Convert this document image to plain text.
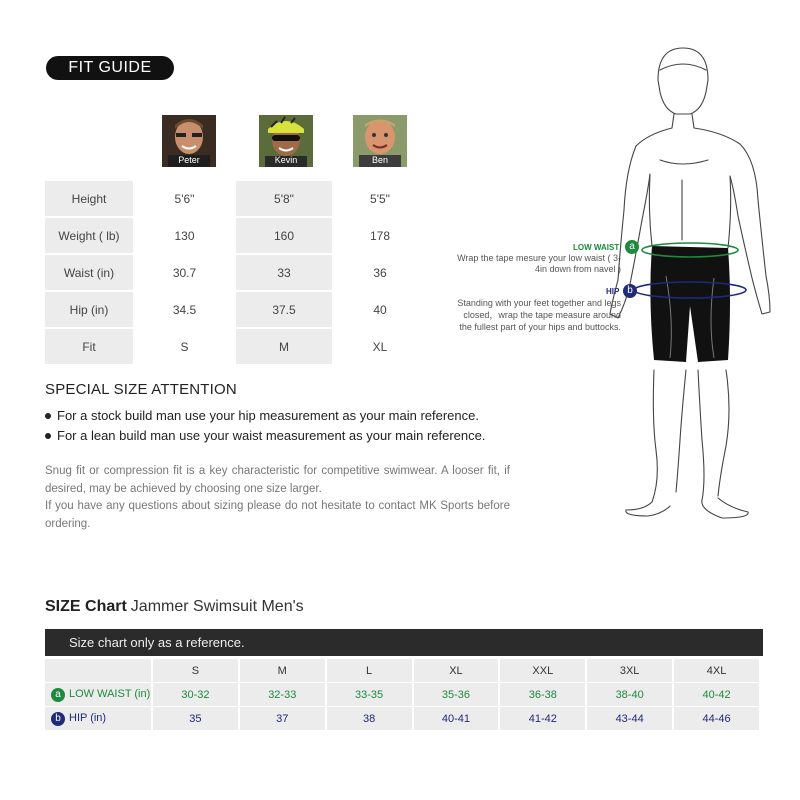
FIT GUIDE
Peter	Kevin	Ben
Height	5'6"	5'8"	5'5"
Weight ( lb)	130	160	178
Waist (in)	30.7	33	36
Hip (in)	34.5	37.5	40
Fit	S	M	XL
SPECIAL SIZE ATTENTION
For a stock build man use your hip measurement as your main reference.
For a lean build man use your waist measurement as your main reference.
Snug fit or compression fit is a key characteristic for competitive swimwear. A looser fit, if desired, may be achieved by choosing one size larger.
If you have any questions about sizing please do not hesitate to contact MK Sports before ordering.
a
LOW WAIST
Wrap the tape mesure your low waist ( 3-4in down from navel )
b
HIP
Standing with your feet together and legs closed，wrap the tape measure around the fullest part of your hips and buttocks.
SIZE Chart Jammer Swimsuit Men's
Size chart only as a reference.
	S	M	L	XL	XXL	3XL	4XL
a LOW WAIST (in)	30-32	32-33	33-35	35-36	36-38	38-40	40-42
b HIP (in)	35	37	38	40-41	41-42	43-44	44-46
